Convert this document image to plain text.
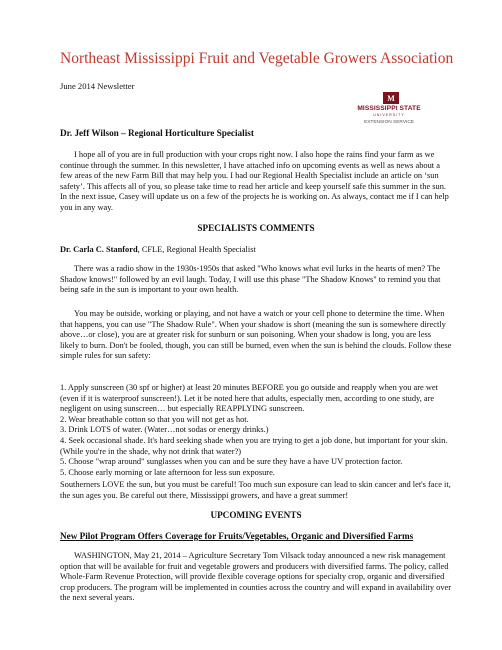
Northeast Mississippi Fruit and Vegetable Growers Association
June 2014 Newsletter
M
MISSISSIPPI STATE
UNIVERSITY
EXTENSION SERVICE
Dr. Jeff Wilson – Regional Horticulture Specialist

I hope all of you are in full production with your crops right now. I also hope the rains find your farm as we continue through the summer. In this newsletter, I have attached info on upcoming events as well as news about a few areas of the new Farm Bill that may help you. I had our Regional Health Specialist include an article on ‘sun safety’. This affects all of you, so please take time to read her article and keep yourself safe this summer in the sun. In the next issue, Casey will update us on a few of the projects he is working on. As always, contact me if I can help you in any way.

SPECIALISTS COMMENTS
Dr. Carla C. Stanford, CFLE, Regional Health Specialist

There was a radio show in the 1930s-1950s that asked "Who knows what evil lurks in the hearts of men? The Shadow knows!" followed by an evil laugh. Today, I will use this phase "The Shadow Knows" to remind you that being safe in the sun is important to your own health.

You may be outside, working or playing, and not have a watch or your cell phone to determine the time. When that happens, you can use "The Shadow Rule". When your shadow is short (meaning the sun is somewhere directly above…or close), you are at greater risk for sunburn or sun poisoning. When your shadow is long, you are less likely to burn. Don't be fooled, though, you can still be burned, even when the sun is behind the clouds. Follow these simple rules for sun safety:

1. Apply sunscreen (30 spf or higher) at least 20 minutes BEFORE you go outside and reapply when you are wet (even if it is waterproof sunscreen!). Let it be noted here that adults, especially men, according to one study, are negligent on using sunscreen… but especially REAPPLYING sunscreen.

2. Wear breathable cotton so that you will not get as hot.

3. Drink LOTS of water. (Water…not sodas or energy drinks.)

4. Seek occasional shade. It's hard seeking shade when you are trying to get a job done, but important for your skin. (While you're in the shade, why not drink that water?)

5. Choose "wrap around" sunglasses when you can and be sure they have a have UV protection factor.

5. Choose early morning or late afternoon for less sun exposure.

Southerners LOVE the sun, but you must be careful! Too much sun exposure can lead to skin cancer and let's face it, the sun ages you. Be careful out there, Mississippi growers, and have a great summer!

UPCOMING EVENTS
New Pilot Program Offers Coverage for Fruits/Vegetables, Organic and Diversified Farms

WASHINGTON, May 21, 2014 – Agriculture Secretary Tom Vilsack today announced a new risk management option that will be available for fruit and vegetable growers and producers with diversified farms. The policy, called Whole-Farm Revenue Protection, will provide flexible coverage options for specialty crop, organic and diversified crop producers. The program will be implemented in counties across the country and will expand in availability over the next several years.
